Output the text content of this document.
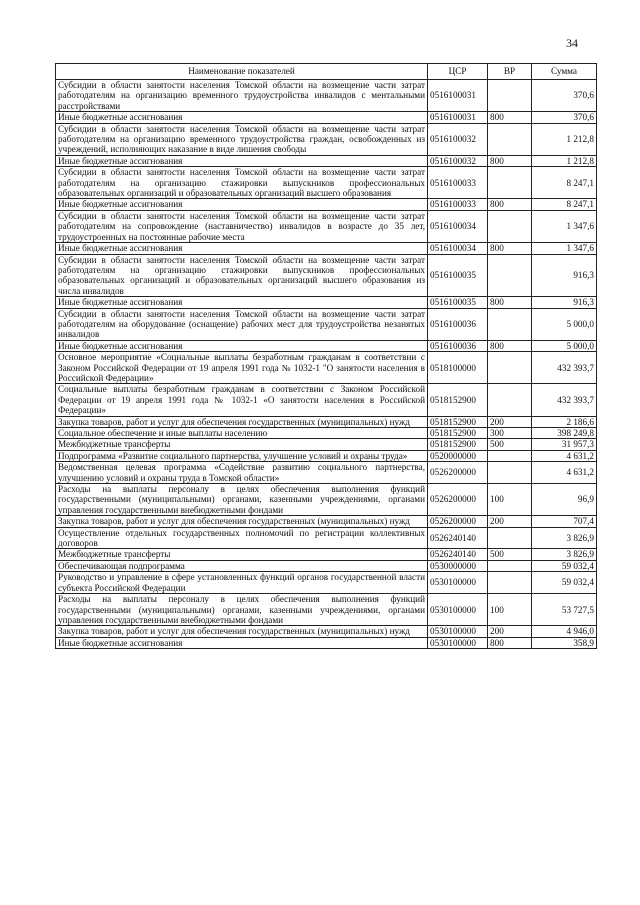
34
Наименование показателей	ЦСР	ВР	Сумма
Субсидии в области занятости населения Томской области на возмещение части затрат работодателям на организацию временного трудоустройства инвалидов с ментальными расстройствами	0516100031		370,6
Иные бюджетные ассигнования	0516100031	800	370,6
Субсидии в области занятости населения Томской области на возмещение части затрат работодателям на организацию временного трудоустройства граждан, освобожденных из учреждений, исполняющих наказание в виде лишения свободы	0516100032		1 212,8
Иные бюджетные ассигнования	0516100032	800	1 212,8
Субсидии в области занятости населения Томской области на возмещение части затрат работодателям на организацию стажировки выпускников профессиональных образовательных организаций и образовательных организаций высшего образования	0516100033		8 247,1
Иные бюджетные ассигнования	0516100033	800	8 247,1
Субсидии в области занятости населения Томской области на возмещение части затрат работодателям на сопровождение (наставничество) инвалидов в возрасте до 35 лет, трудоустроенных на постоянные рабочие места	0516100034		1 347,6
Иные бюджетные ассигнования	0516100034	800	1 347,6
Субсидии в области занятости населения Томской области на возмещение части затрат работодателям на организацию стажировки выпускников профессиональных образовательных организаций и образовательных организаций высшего образования из числа инвалидов	0516100035		916,3
Иные бюджетные ассигнования	0516100035	800	916,3
Субсидии в области занятости населения Томской области на возмещение части затрат работодателям на оборудование (оснащение) рабочих мест для трудоустройства незанятых инвалидов	0516100036		5 000,0
Иные бюджетные ассигнования	0516100036	800	5 000,0
Основное мероприятие «Социальные выплаты безработным гражданам в соответствии с Законом Российской Федерации от 19 апреля 1991 года № 1032-1 "О занятости населения в Российской Федерации»	0518100000		432 393,7
Социальные выплаты безработным гражданам в соответствии с Законом Российской Федерации от 19 апреля 1991 года № 1032-1 «О занятости населения в Российской Федерации»	0518152900		432 393,7
Закупка товаров, работ и услуг для обеспечения государственных (муниципальных) нужд	0518152900	200	2 186,6
Социальное обеспечение и иные выплаты населению	0518152900	300	398 249,8
Межбюджетные трансферты	0518152900	500	31 957,3
Подпрограмма «Развитие социального партнерства, улучшение условий и охраны труда»	0520000000		4 631,2
Ведомственная целевая программа «Содействие развитию социального партнерства, улучшению условий и охраны труда в Томской области»	0526200000		4 631,2
Расходы на выплаты персоналу в целях обеспечения выполнения функций государственными (муниципальными) органами, казенными учреждениями, органами управления государственными внебюджетными фондами	0526200000	100	96,9
Закупка товаров, работ и услуг для обеспечения государственных (муниципальных) нужд	0526200000	200	707,4
Осуществление отдельных государственных полномочий по регистрации коллективных договоров	0526240140		3 826,9
Межбюджетные трансферты	0526240140	500	3 826,9
Обеспечивающая подпрограмма	0530000000		59 032,4
Руководство и управление в сфере установленных функций органов государственной власти субъекта Российской Федерации	0530100000		59 032,4
Расходы на выплаты персоналу в целях обеспечения выполнения функций государственными (муниципальными) органами, казенными учреждениями, органами управления государственными внебюджетными фондами	0530100000	100	53 727,5
Закупка товаров, работ и услуг для обеспечения государственных (муниципальных) нужд	0530100000	200	4 946,0
Иные бюджетные ассигнования	0530100000	800	358,9
